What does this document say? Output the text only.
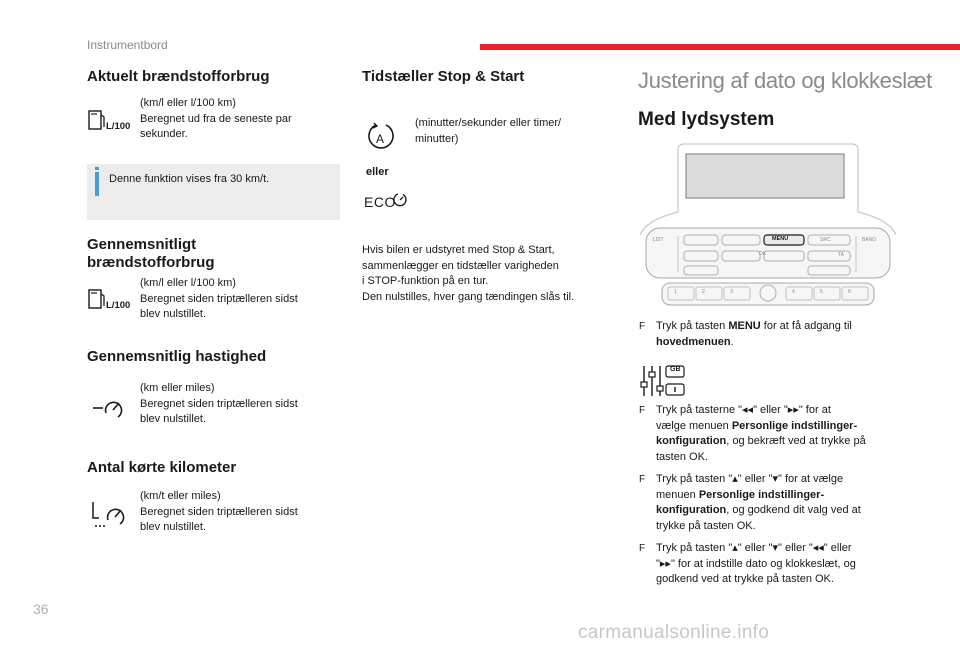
Instrumentbord
Aktuelt brændstofforbrug
L/100
(km/l eller l/100 km)
Beregnet ud fra de seneste par
sekunder.
Denne funktion vises fra 30 km/t.
Gennemsnitligt
brændstofforbrug
L/100
(km/l eller l/100 km)
Beregnet siden triptælleren sidst
blev nulstillet.
Gennemsnitlig hastighed
(km eller miles)
Beregnet siden triptælleren sidst
blev nulstillet.
Antal kørte kilometer
(km/t eller miles)
Beregnet siden triptælleren sidst
blev nulstillet.
Tidstæller Stop & Start
A
(minutter/sekunder eller timer/
minutter)
eller
ECO
Hvis bilen er udstyret med Stop & Start,
sammenlægger en tidstæller varigheden
i STOP-funktion på en tur.
Den nulstilles, hver gang tændingen slås til.
Justering af dato og klokkeslæt
Med lydsystem
MENU
OK
LIST	BAND
SRC
TA
1	2	3	4	5	6
F Tryk på tasten MENU for at få adgang til
hovedmenuen.
GB
F Tryk på tasterne "◂◂" eller "▸▸" for at
vælge menuen Personlige indstillinger-
konfiguration, og bekræft ved at trykke på
tasten OK.
F Tryk på tasten "▴" eller "▾" for at vælge
menuen Personlige indstillinger-
konfiguration, og godkend dit valg ved at
trykke på tasten OK.
F Tryk på tasten "▴" eller "▾" eller "◂◂" eller
"▸▸" for at indstille dato og klokkeslæt, og
godkend ved at trykke på tasten OK.
36
carmanualsonline.info
